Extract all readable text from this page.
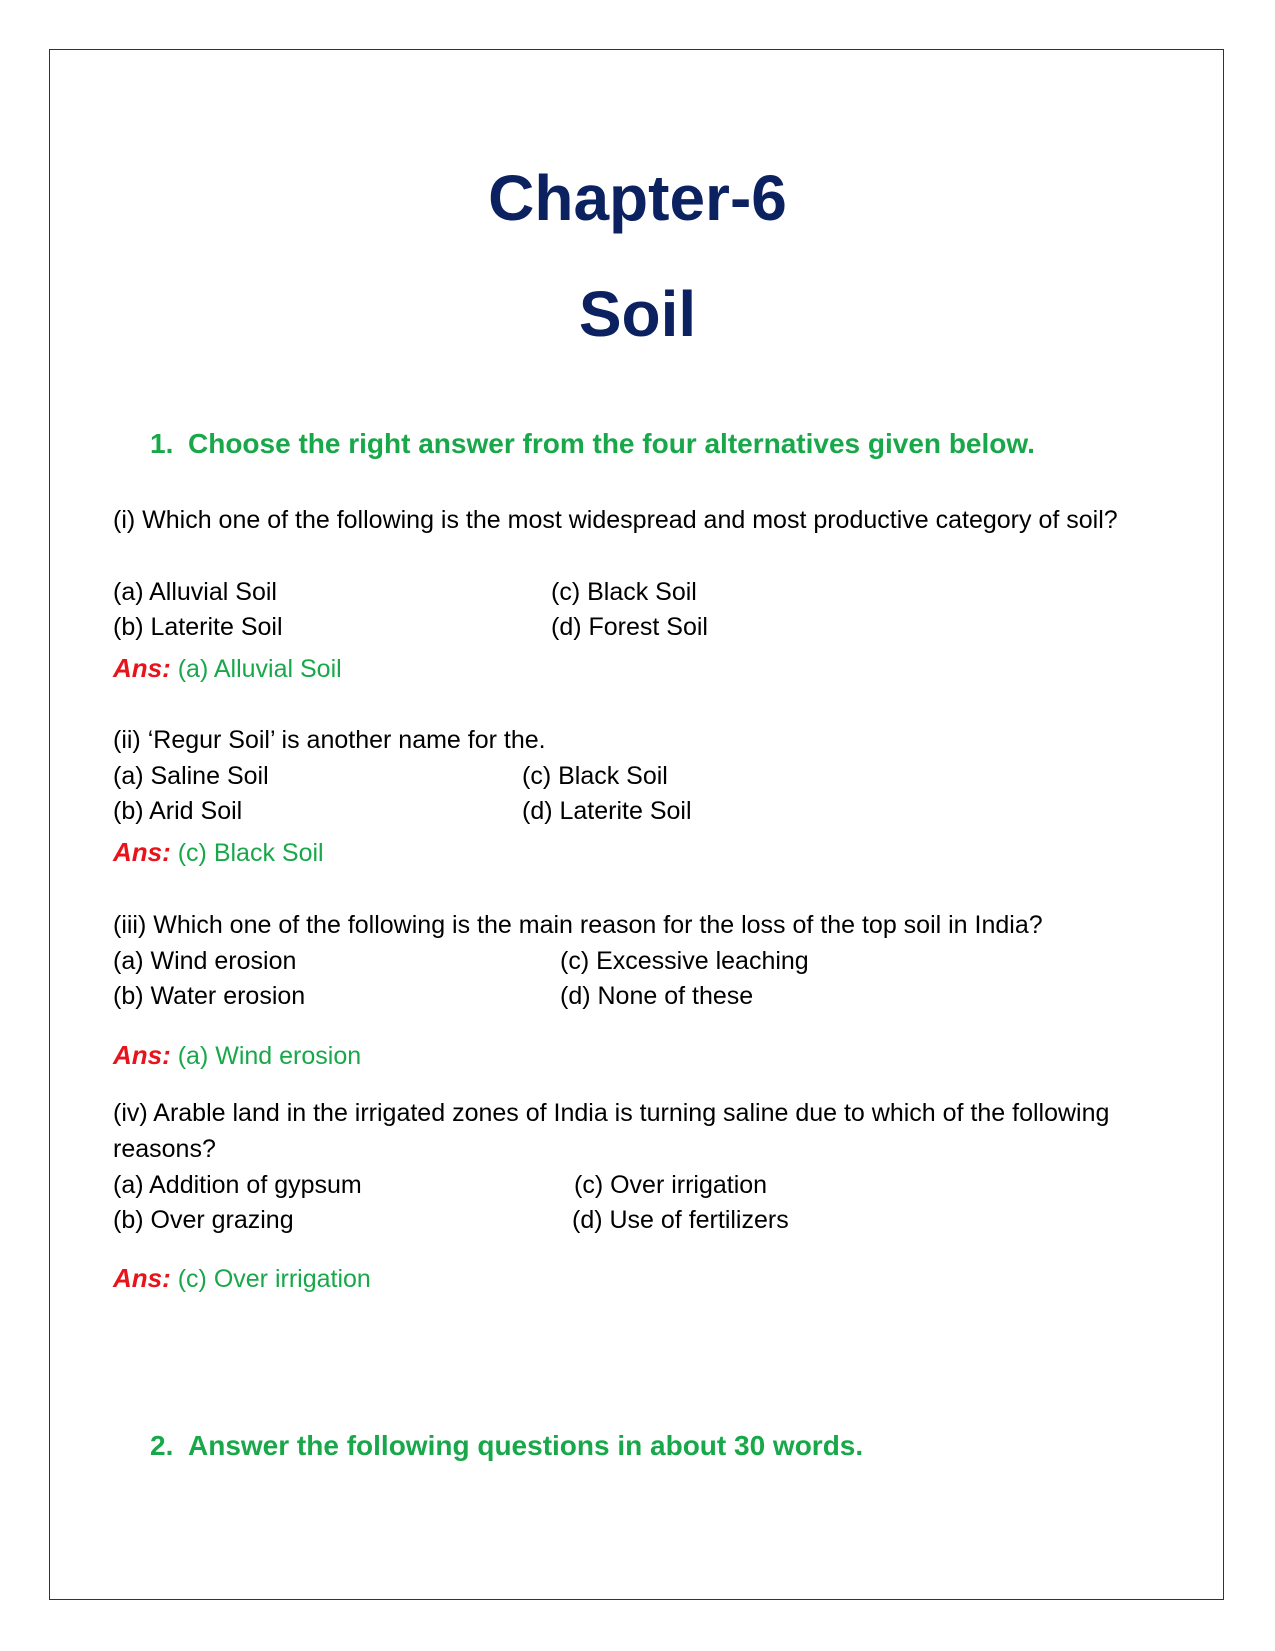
Chapter-6
Soil

1. Choose the right answer from the four alternatives given below.

(i) Which one of the following is the most widespread and most productive category of soil?

(a) Alluvial Soil	(c) Black Soil
(b) Laterite Soil	(d) Forest Soil
Ans: (a) Alluvial Soil

(ii) ‘Regur Soil’ is another name for the.

(a) Saline Soil	(c) Black Soil
(b) Arid Soil	(d) Laterite Soil
Ans: (c) Black Soil

(iii) Which one of the following is the main reason for the loss of the top soil in India?

(a) Wind erosion	(c) Excessive leaching
(b) Water erosion	(d) None of these
Ans: (a) Wind erosion

(iv) Arable land in the irrigated zones of India is turning saline due to which of the following reasons?

(a) Addition of gypsum	(c) Over irrigation
(b) Over grazing	(d) Use of fertilizers
Ans: (c) Over irrigation

2. Answer the following questions in about 30 words.
